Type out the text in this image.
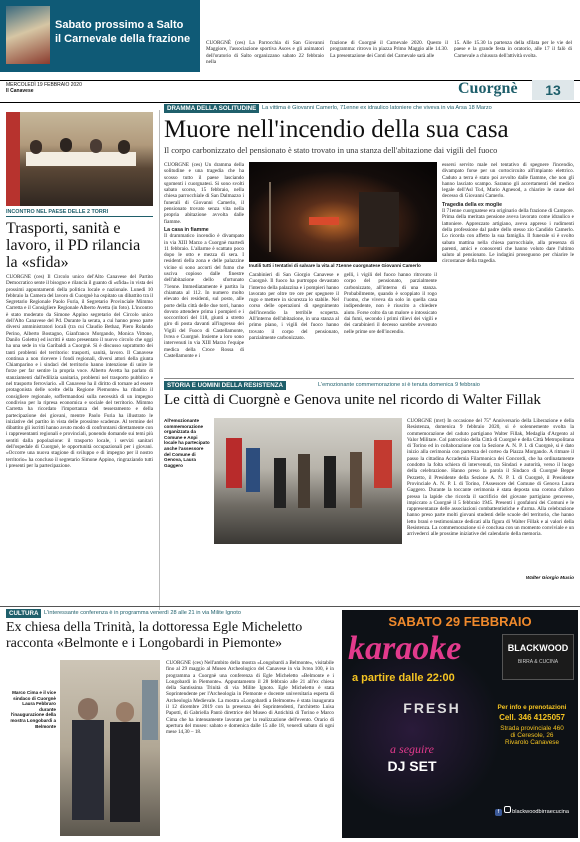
Sabato prossimo a Salto
il Carnevale della frazione	CUORGNÈ (ces) La Parrocchia di San Giovanni Maggiore, l'associazione sportiva Asces e gli animatori dell'oratorio di Salto organizzano sabato 22 febbraio nella
frazione di Cuorgnè il Carnevale 2020. Questo il programma: ritrovo in piazza Primo Maggio alle 14.30. La presentazione dei Conti del Carnevale sarà alle
15. Alle 15.30 la partenza della sfilata per le vie del paese e la grande festa in oratorio, alle 17 il falò di Carnevale a chiusura dell'attività svolta.
MERCOLEDÌ 19 FEBBRAIO 2020
Il Canavese	Cuorgnè	13
INCONTRO NEL PAESE DELLE 2 TORRI
Trasporti, sanità e lavoro, il PD rilancia la «sfida»
CUORGNÈ (ces) Il Circolo unico del'Alto Canavese del Partito Democratico sente il bisogno e rilancia il guanto di «sfida» in vista dei prossimi appuntamenti della politica locale e nazionale. Lunedì 10 febbraio la Camera del lavoro di Cuorgnè ha ospitato un dibattito tra il Segretario Regionale Paolo Furia, il Segretario Provinciale Mimmo Carretta e il Consigliere Regionale Alberto Avetta (in foto). L'incontro è stato moderato da Simone Appino segretario del Circolo unico dell'Alto Canavese del Pd. Durante la serata, a cui hanno preso parte diversi amministratori locali (tra cui Claudio Bethaz, Piero Rolando Perino, Alberto Bostagno, Gianfranco Morgando, Monica Vittone, Danilo Goletto) ed iscritti è stato presentato il nuovo circolo che oggi ha una sede in via Garibaldi a Cuorgnè. Si è discusso soprattutto dei tanti problemi del territorio: trasporti, sanità, lavoro. Il Canavese continua a non ricevere i fondi regionali, diversi attori della giunta Chiamparino e i sindaci del territorio hanno intenzione di unire le forze per far sentire la propria voce. Alberto Avetta ha parlato di stanziamenti dall'edilizia sanitaria, problemi nel trasporto pubblico e nel trasporto ferroviario. «Il Canavese ha il diritto di tornare ad essere protagonista delle scelte della Regione Piemonte» ha ribadito il consigliere regionale, soffermandosi sulla necessità di un impegno condiviso per la ripresa economica e sociale del territorio. Mimmo Carretta ha ricordato l'importanza del tesseramento e della partecipazione dei giovani, mentre Paolo Furia ha illustrato le iniziative del partito in vista delle prossime scadenze. Al termine del dibattito gli iscritti hanno avuto modo di confrontarsi direttamente con i rappresentanti regionali e provinciali, ponendo domande sui temi più sentiti dalla popolazione: il trasporto locale, i servizi sanitari dell'ospedale di Cuorgnè, le opportunità occupazionali per i giovani. «Occorre una nuova stagione di sviluppo e di impegno per il nostro territorio» ha concluso il segretario Simone Appino, ringraziando tutti i presenti per la partecipazione.
DRAMMA DELLA SOLITUDINE	La vittima è Giovanni Camerlo, 71enne ex idraulico latoniere che viveva in via Arsa 18 Marzo
Muore nell'incendio della sua casa
Il corpo carbonizzato del pensionato è stato trovato in una stanza dell'abitazione dai vigili del fuoco
CUORGNÈ (ces) Un dramma della solitudine e una tragedia che ha scosso tutto il paese lasciando sgomenti i cuorgnatesi. Si sono svolti sabato scorso, 15 febbraio, nella chiesa parrocchiale di San Dalmazzo i funerali di Giovanni Camerlo, il pensionato trovato senza vita nella propria abitazione avvolta dalle fiamme.
La casa in fiamme
Il drammatico incendio è divampato in via XIII Marzo a Cuorgnè martedì 11 febbraio. L'allarme è scattato poco dopo le otto e mezza di sera. I residenti della zona e delle palazzine vicine si sono accorti del fumo che usciva copioso dalle finestre dell'abitazione dello sfortunato 71enne. Immediatamente è partita la chiamata al 112. In numero molto elevato dei residenti, sul posto, alle porte della città delle due torri, hanno dovuto attendere prima i pompieri e i soccorritori del 118, giunti a stretto giro di posta davanti all'ingresso dei Vigili del Fuoco di Castellamonte, Ivrea e Cuorgnè. Insieme a loro sono intervenuti in via XIII Marzo l'equipe medica della Croce Rossa di Castellamonte e i
Inutili tutti i tentativi di salvare la vita al 71enne cuorgnatese Giovanni Camerlo
Carabinieri di San Giorgio Canavese e Cuorgnè. Il fuoco ha purtroppo devastato l'interno della palazzina e i pompieri hanno lavorato per oltre tre ore per spegnere il rogo e mettere in sicurezza lo stabile. Nel corso delle operazioni di spegnimento dell'incendio la terribile scoperta. All'interno dell'abitazione, in una stanza al primo piano, i vigili del fuoco hanno trovato il corpo del pensionato, parzialmente carbonizzato.
gelli, i vigili del fuoco hanno ritrovato il corpo del pensionato, parzialmente carbonizzato, all'interno di una stanza. Probabilmente, quando è scoppiato il rogo l'uomo, che viveva da solo in quella casa indipendente, non è riuscito a chiedere aiuto. Forse colto da un malore o intossicato dai fumi, secondo i primi rilievi dei vigili e dei carabinieri il decesso sarebbe avvenuto nelle prime ore dell'incendio.
essersi servito male nel tentativo di spegnere l'incendio, divampato forse per un cortocircuito all'impianto elettrico. Caduto a terra è stato poi avvolto dalle fiamme, che non gli hanno lasciato scampo. Saranno gli accertamenti del medico legale dell'Asl To4, Mario Agnesod, a chiarire le cause del decesso di Giovanni Camerlo.
Tragedia della ex moglie
Il 71enne cuorgnatese era originario della frazione di Campore. Prima della meritata pensione aveva lavorato come idraulico e lattoniere. Apprezzato artigiano, aveva appreso i rudimenti della professione dal padre dello stesso zio Candido Camerlo. Lo ricorda con affetto la sua famiglia. Il funerale si è svolto sabato mattina nella chiesa parrocchiale, alla presenza di parenti, amici e conoscenti che hanno voluto dare l'ultimo saluto al pensionato. Le indagini proseguono per chiarire le circostanze della tragedia.
STORIA E UOMINI DELLA RESISTENZA	L'emozionante commemorazione si è tenuta domenica 9 febbraio
Le città di Cuorgnè e Genova unite nel ricordo di Walter Fillak
All'emozionante commemorazione organizzata da Comune e Anpi locale ha partecipato anche l'assessore del Comune di Genova, Laura Gaggero
CUORGNÈ (mvt) In occasione del 75° Anniversario della Liberazione e della Resistenza, domenica 9 febbraio 2020, si è solennemente svolta la commemorazione del caduto partigiano Walter Fillak, Medaglia d'Argento al Valor Militare. Col patrocinio della Città di Cuorgnè e della Città Metropolitana di Torino ed in collaborazione con la Sezione A. N. P. I. di Cuorgnè, si è dato inizio alla cerimonia con partenza del corteo da Piazza Morgando. A ritmare il passo la cittadina Accademia Filarmonica dei Concordi, che ha ordinatamente condotto la folta schiera di intervenuti, tra Sindaci e autorità, verso il luogo della celebrazione. Hanno preso la parola il Sindaco di Cuorgnè Beppe Pezzetto, il Presidente della Sezione A. N. P. I. di Cuorgnè, il Presidente Provinciale A. N. P. I. di Torino, l'Assessore del Comune di Genova Laura Gaggero. Durante la toccante cerimonia è stata deposta una corona d'alloro presso la lapide che ricorda il sacrificio del giovane partigiano genovese, impiccato a Cuorgnè il 5 febbraio 1945. Presenti i gonfaloni dei Comuni e le rappresentanze delle associazioni combattentistiche e d'arma. Alla celebrazione hanno preso parte molti giovani studenti delle scuole del territorio, che hanno letto brani e testimonianze dedicati alla figura di Walter Fillak e ai valori della Resistenza. La commemorazione si è conclusa con un momento conviviale e un arrivederci alle prossime iniziative del calendario della memoria.
Walter Giorgio Musio
CULTURA L'interessante conferenza è in programma venerdì 28 alle 21 in via Milite Ignoto
Ex chiesa della Trinità, la dottoressa Egle Micheletto
racconta «Belmonte e i Longobardi in Piemonte»
Marco Cima e il vice sindaco di Cuorgnè Laura Febbraro durante l'inaugurazione della mostra Longobardi a Belmonte
CUORGNÈ (ces) Nell'ambito della mostra «Longobardi a Belmonte», visitabile fino al 29 maggio al Museo Archeologico del Canavese in via Ivrea 100, è in programma a Cuorgnè una conferenza di Egle Micheletto «Belmonte e i Longobardi in Piemonte». Appuntamento il 28 febbraio alle 21 all'ex chiesa della Santissima Trinità di via Milite Ignoto. Egle Micheletto è stata Soprintendente per l'Archeologia in Piemonte e docente universitaria esperta di Archeologia Medievale. La mostra «Longobardi a Belmonte» è stata inaugurata il 12 dicembre 2019 con la presenza dei Soprintendenti, l'architetto Luisa Papotti, di Gabriella Pantò direttrice del Museo di Antichità di Torino e Marco Cima che ha intensamente lavorato per la realizzazione dell'evento. Orario di apertura del museo: sabato e domenica dalle 15 alle 18, venerdì sabato di ogni mese 14,30 – 18.
SABATO 29 FEBBRAIO
karaoke
a partire dalle 22:00
BLACKWOOD
BIRRA & CUCINA
FRESH
a seguire
DJ SET
Per info e prenotazioni
Cell. 346 4125057
Strada provinciale 460
di Ceresole, 26
Rivarolo Canavese
f blackwoodbirraecucina
